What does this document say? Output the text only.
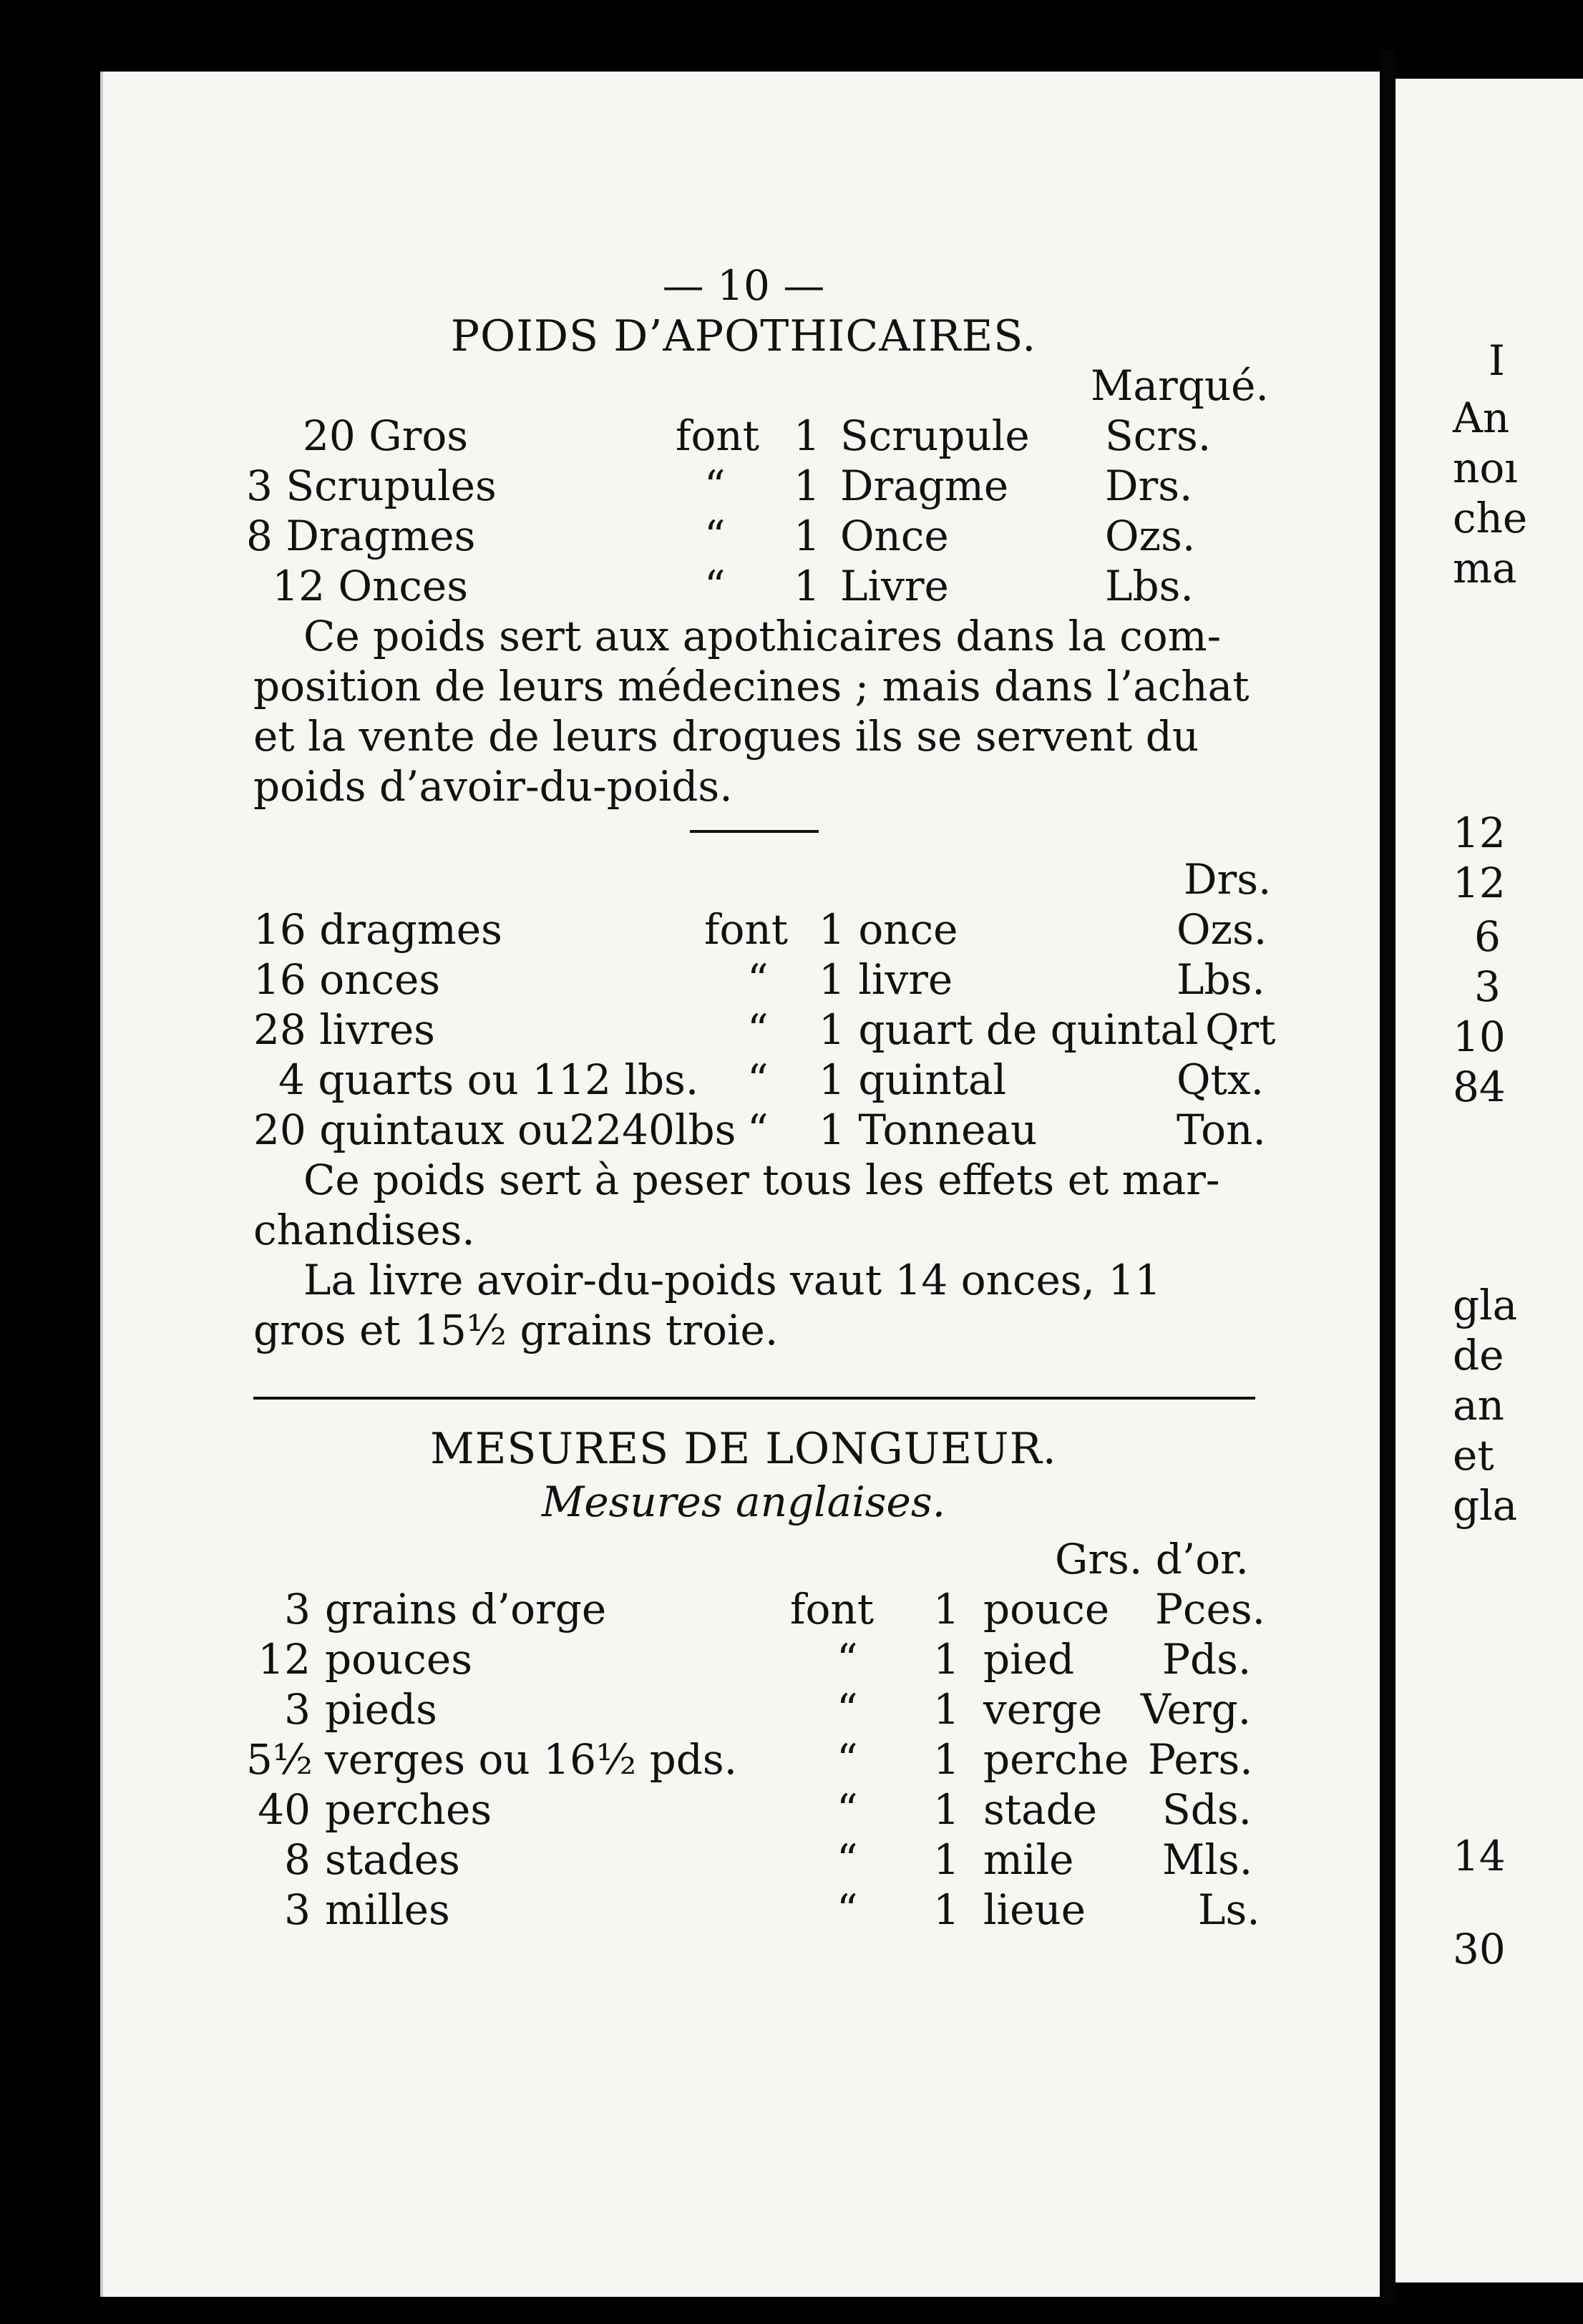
— 10 —
POIDS D’APOTHICAIRES.
Marqué.
20 Gros	font 1 Scrupule Scrs.
3 Scrupules	“ 1 Dragme Drs.
8 Dragmes	“ 1 Once	Ozs.
12 Onces	“ 1 Livre	Lbs.
Ce poids sert aux apothicaires dans la com-
position de leurs médecines ; mais dans l’achat
et la vente de leurs drogues ils se servent du
poids d’avoir-du-poids.
Drs.
16 dragmes	font 1 once	Ozs.
16 onces	“ 1 livre	Lbs.
28 livres	“ 1 quart de quintal Qrt
4 quarts ou 112 lbs. “ 1 quintal	Qtx.
20 quintaux ou2240lbs “ 1 Tonneau	Ton.
Ce poids sert à peser tous les effets et mar-
chandises.
La livre avoir-du-poids vaut 14 onces, 11
gros et 15½ grains troie.
MESURES DE LONGUEUR.
Mesures anglaises.
Grs. d’or.
3 grains d’orge	font 1 pouce Pces.
12 pouces	“ 1 pied Pds.
3 pieds	“ 1 verge Verg.
5½ verges ou 16½ pds. “ 1 perche Pers.
40 perches	“ 1 stade Sds.
8 stades	“ 1 mile Mls.
3 milles	“ 1 lieue	Ls.
I
An
noı
che
ma
12
12
6
3
10
84
gla
de
an
et
gla
14
30
